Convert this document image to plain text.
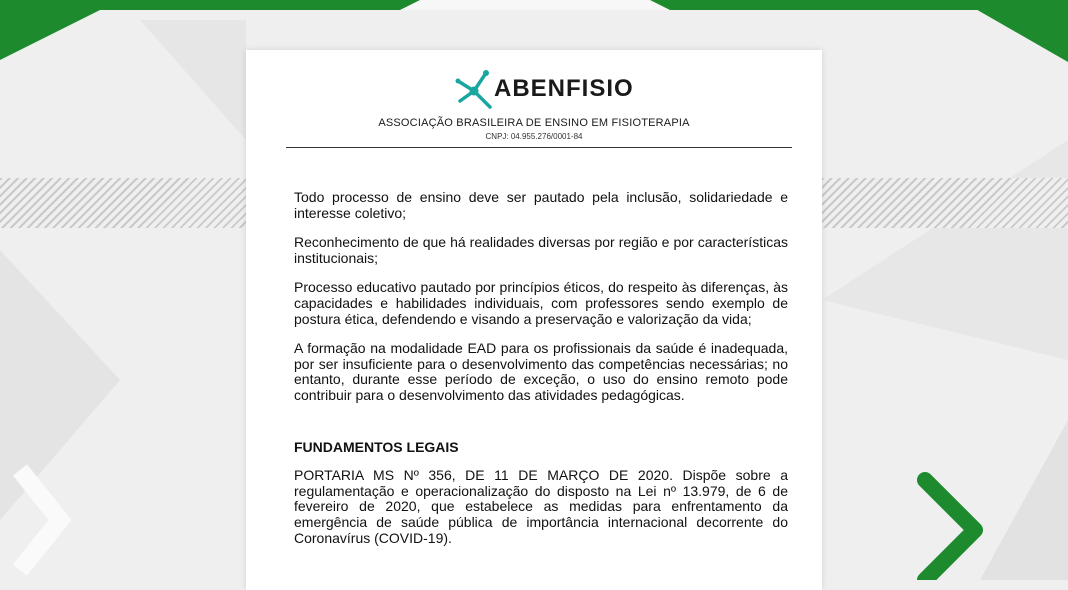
ABENFISIO
ASSOCIAÇÃO BRASILEIRA DE ENSINO EM FISIOTERAPIA
CNPJ: 04.955.276/0001-84

Todo processo de ensino deve ser pautado pela inclusão, solidariedade e interesse coletivo;

Reconhecimento de que há realidades diversas por região e por características institucionais;

Processo educativo pautado por princípios éticos, do respeito às diferenças, às capacidades e habilidades individuais, com professores sendo exemplo de postura ética, defendendo e visando a preservação e valorização da vida;

A formação na modalidade EAD para os profissionais da saúde é inadequada, por ser insuficiente para o desenvolvimento das competências necessárias; no entanto, durante esse período de exceção, o uso do ensino remoto pode contribuir para o desenvolvimento das atividades pedagógicas.

FUNDAMENTOS LEGAIS

PORTARIA MS Nº 356, DE 11 DE MARÇO DE 2020. Dispõe sobre a regulamentação e operacionalização do disposto na Lei nº 13.979, de 6 de fevereiro de 2020, que estabelece as medidas para enfrentamento da emergência de saúde pública de importância internacional decorrente do Coronavírus (COVID-19).
